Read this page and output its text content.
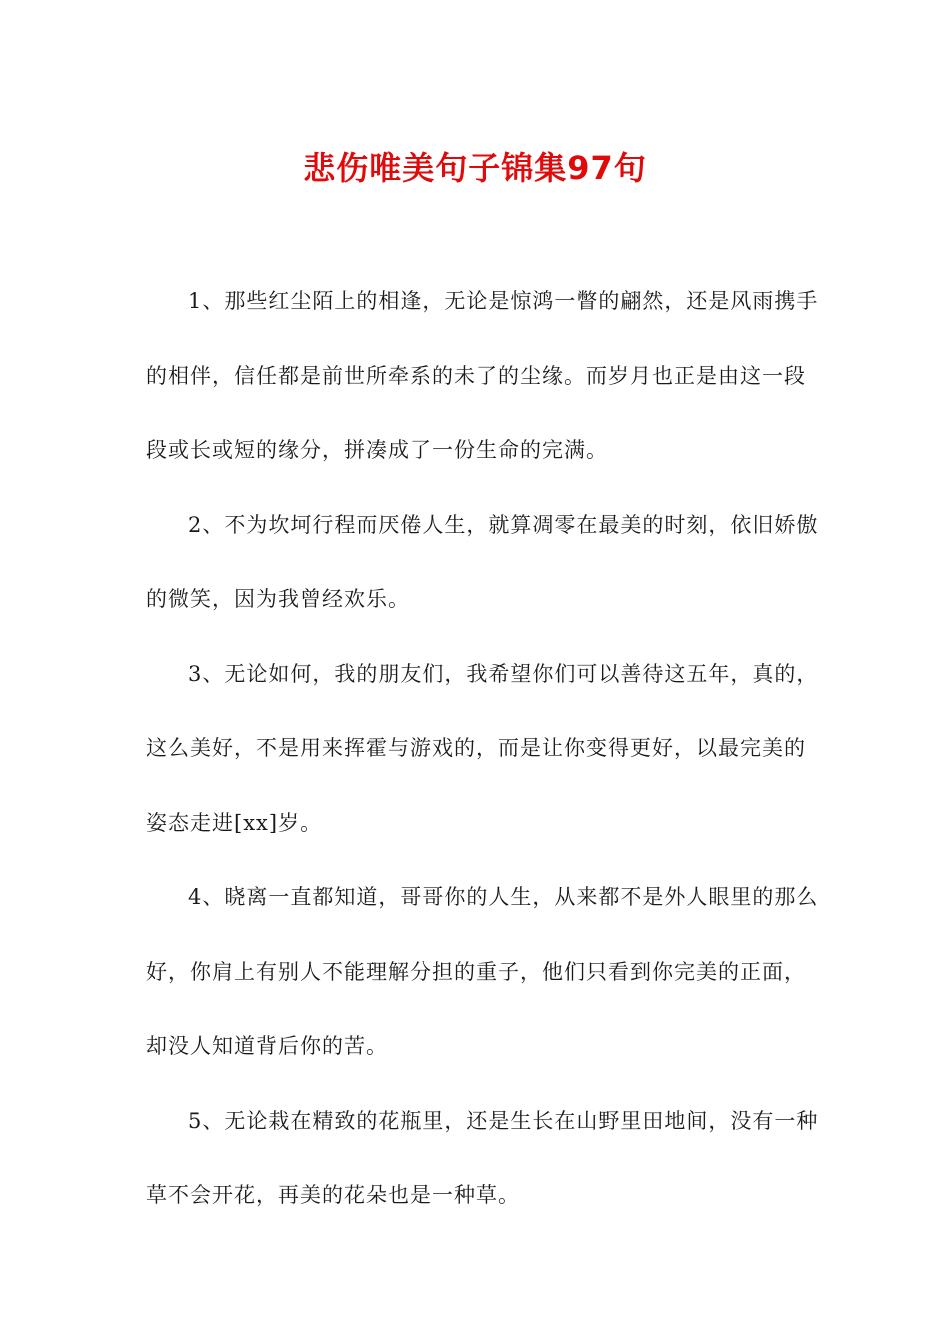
悲伤唯美句子锦集97句

1、那些红尘陌上的相逢，无论是惊鸿一瞥的翩然，还是风雨携手的相伴，信任都是前世所牵系的未了的尘缘。而岁月也正是由这一段段或长或短的缘分，拼凑成了一份生命的完满。

2、不为坎坷行程而厌倦人生，就算凋零在最美的时刻，依旧娇傲的微笑，因为我曾经欢乐。

3、无论如何，我的朋友们，我希望你们可以善待这五年，真的，这么美好，不是用来挥霍与游戏的，而是让你变得更好，以最完美的姿态走进[xx]岁。

4、晓离一直都知道，哥哥你的人生，从来都不是外人眼里的那么好，你肩上有别人不能理解分担的重子，他们只看到你完美的正面，却没人知道背后你的苦。

5、无论栽在精致的花瓶里，还是生长在山野里田地间，没有一种草不会开花，再美的花朵也是一种草。
